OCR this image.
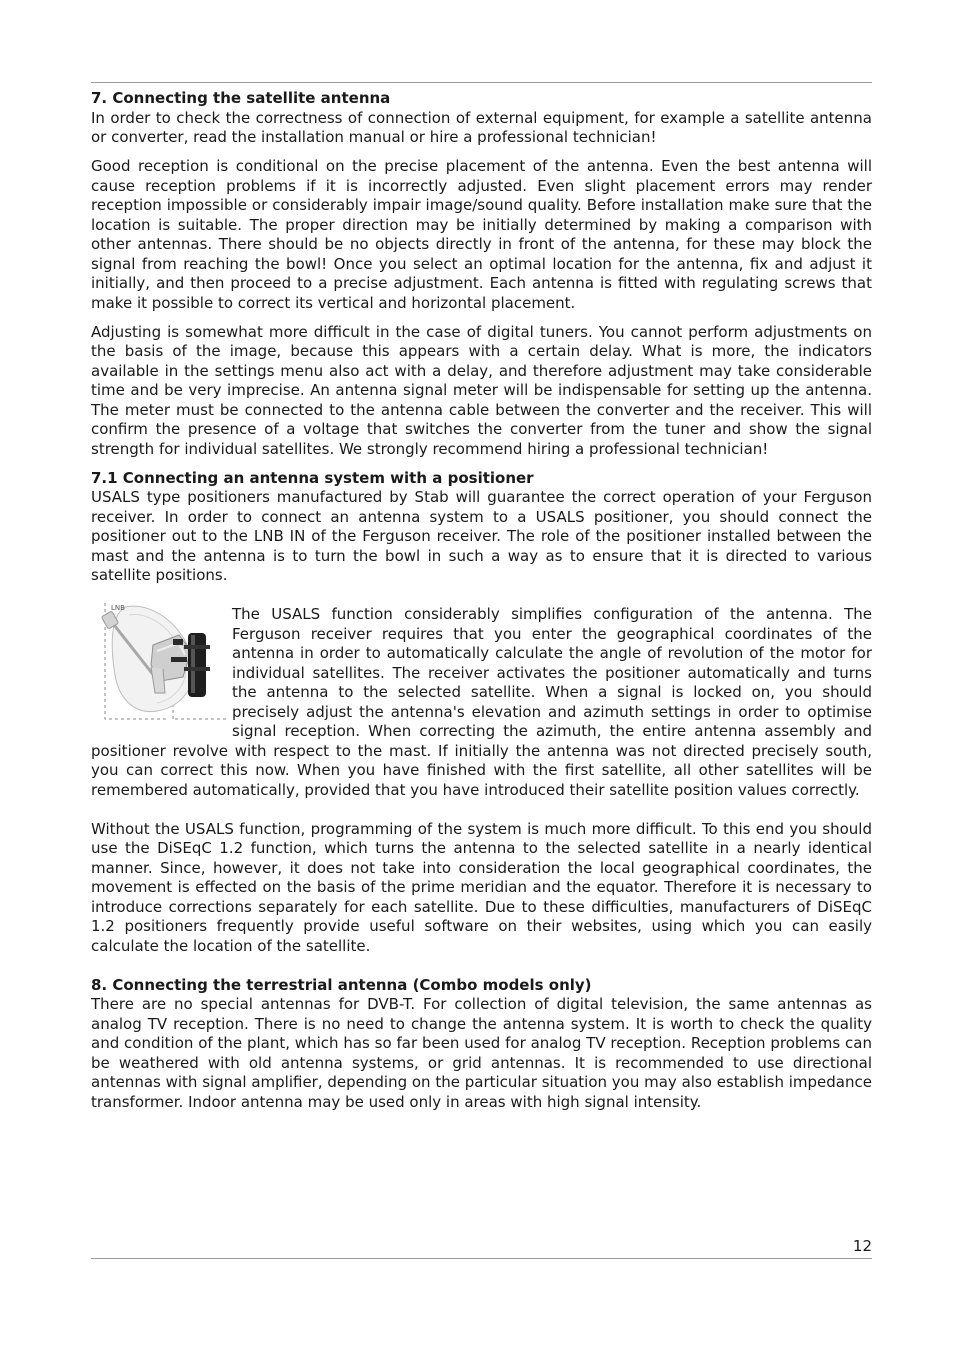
7. Connecting the satellite antenna

In order to check the correctness of connection of external equipment, for example a satellite antenna or converter, read the installation manual or hire a professional technician!

Good reception is conditional on the precise placement of the antenna. Even the best antenna will cause reception problems if it is incorrectly adjusted. Even slight placement errors may render reception impossible or considerably impair image/sound quality. Before installation make sure that the location is suitable. The proper direction may be initially determined by making a comparison with other antennas. There should be no objects directly in front of the antenna, for these may block the signal from reaching the bowl! Once you select an optimal location for the antenna, fix and adjust it initially, and then proceed to a precise adjustment. Each antenna is fitted with regulating screws that make it possible to correct its vertical and horizontal placement.

Adjusting is somewhat more difficult in the case of digital tuners. You cannot perform adjustments on the basis of the image, because this appears with a certain delay. What is more, the indicators available in the settings menu also act with a delay, and therefore adjustment may take considerable time and be very imprecise. An antenna signal meter will be indispensable for setting up the antenna. The meter must be connected to the antenna cable between the converter and the receiver. This will confirm the presence of a voltage that switches the converter from the tuner and show the signal strength for individual satellites. We strongly recommend hiring a professional technician!

7.1 Connecting an antenna system with a positioner

USALS type positioners manufactured by Stab will guarantee the correct operation of your Ferguson receiver. In order to connect an antenna system to a USALS positioner, you should connect the positioner out to the LNB IN of the Ferguson receiver. The role of the positioner installed between the mast and the antenna is to turn the bowl in such a way as to ensure that it is directed to various satellite positions.

LNB	The USALS function considerably simplifies configuration of the antenna. The Ferguson receiver requires that you enter the geographical coordinates of the antenna in order to automatically calculate the angle of revolution of the motor for individual satellites. The receiver activates the positioner automatically and turns the antenna to the selected satellite. When a signal is locked on, you should precisely adjust the antenna's elevation and azimuth settings in order to optimise signal reception. When correcting the azimuth, the entire antenna assembly and positioner revolve with respect to the mast. If initially the antenna was not directed precisely south, you can correct this now. When you have finished with the first satellite, all other satellites will be remembered automatically, provided that you have introduced their satellite position values correctly.

Without the USALS function, programming of the system is much more difficult. To this end you should use the DiSEqC 1.2 function, which turns the antenna to the selected satellite in a nearly identical manner. Since, however, it does not take into consideration the local geographical coordinates, the movement is effected on the basis of the prime meridian and the equator. Therefore it is necessary to introduce corrections separately for each satellite. Due to these difficulties, manufacturers of DiSEqC 1.2 positioners frequently provide useful software on their websites, using which you can easily calculate the location of the satellite.

8. Connecting the terrestrial antenna (Combo models only)

There are no special antennas for DVB-T. For collection of digital television, the same antennas as analog TV reception. There is no need to change the antenna system. It is worth to check the quality and condition of the plant, which has so far been used for analog TV reception. Reception problems can be weathered with old antenna systems, or grid antennas. It is recommended to use directional antennas with signal amplifier, depending on the particular situation you may also establish impedance transformer. Indoor antenna may be used only in areas with high signal intensity.

12
